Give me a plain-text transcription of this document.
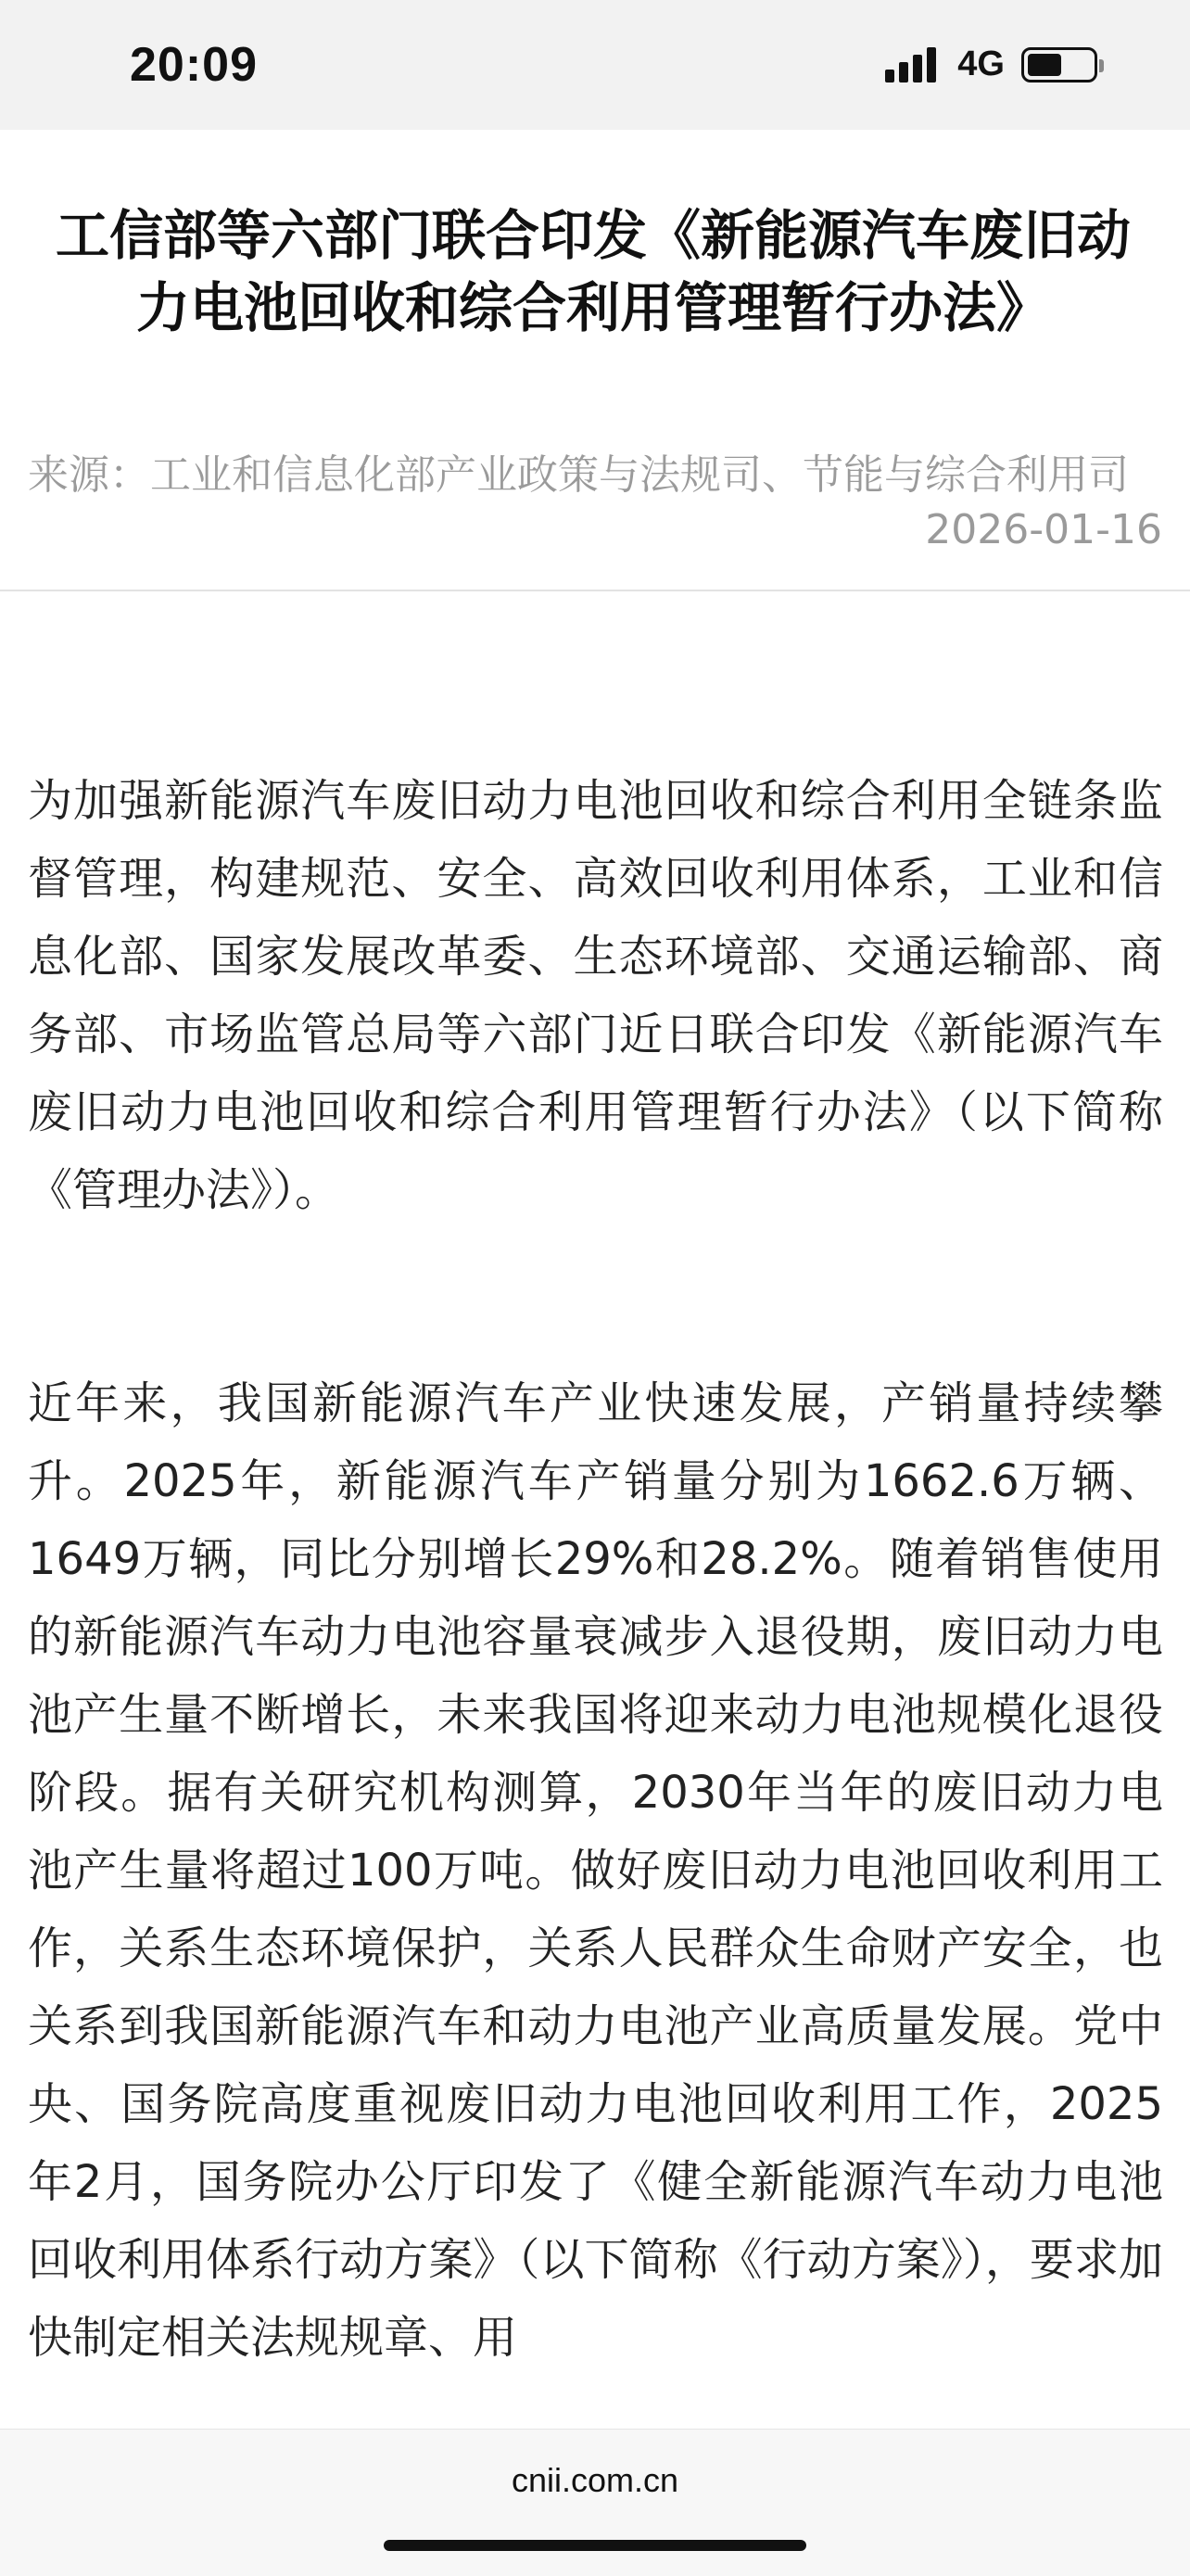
20:09	4G
工信部等六部门联合印发《新能源汽车废旧动力电池回收和综合利用管理暂行办法》
来源：工业和信息化部产业政策与法规司、节能与综合利用司
2026-01-16
为加强新能源汽车废旧动力电池回收和综合利用全链条监督管理，构建规范、安全、高效回收利用体系，工业和信息化部、国家发展改革委、生态环境部、交通运输部、商务部、市场监管总局等六部门近日联合印发《新能源汽车废旧动力电池回收和综合利用管理暂行办法》（以下简称《管理办法》）。
近年来，我国新能源汽车产业快速发展，产销量持续攀升。2025年，新能源汽车产销量分别为1662.6万辆、1649万辆，同比分别增长29%和28.2%。随着销售使用的新能源汽车动力电池容量衰减步入退役期，废旧动力电池产生量不断增长，未来我国将迎来动力电池规模化退役阶段。据有关研究机构测算，2030年当年的废旧动力电池产生量将超过100万吨。做好废旧动力电池回收利用工作，关系生态环境保护，关系人民群众生命财产安全，也关系到我国新能源汽车和动力电池产业高质量发展。党中央、国务院高度重视废旧动力电池回收利用工作，2025年2月，国务院办公厅印发了《健全新能源汽车动力电池回收利用体系行动方案》（以下简称《行动方案》），要求加快制定相关法规规章、用
cnii.com.cn
